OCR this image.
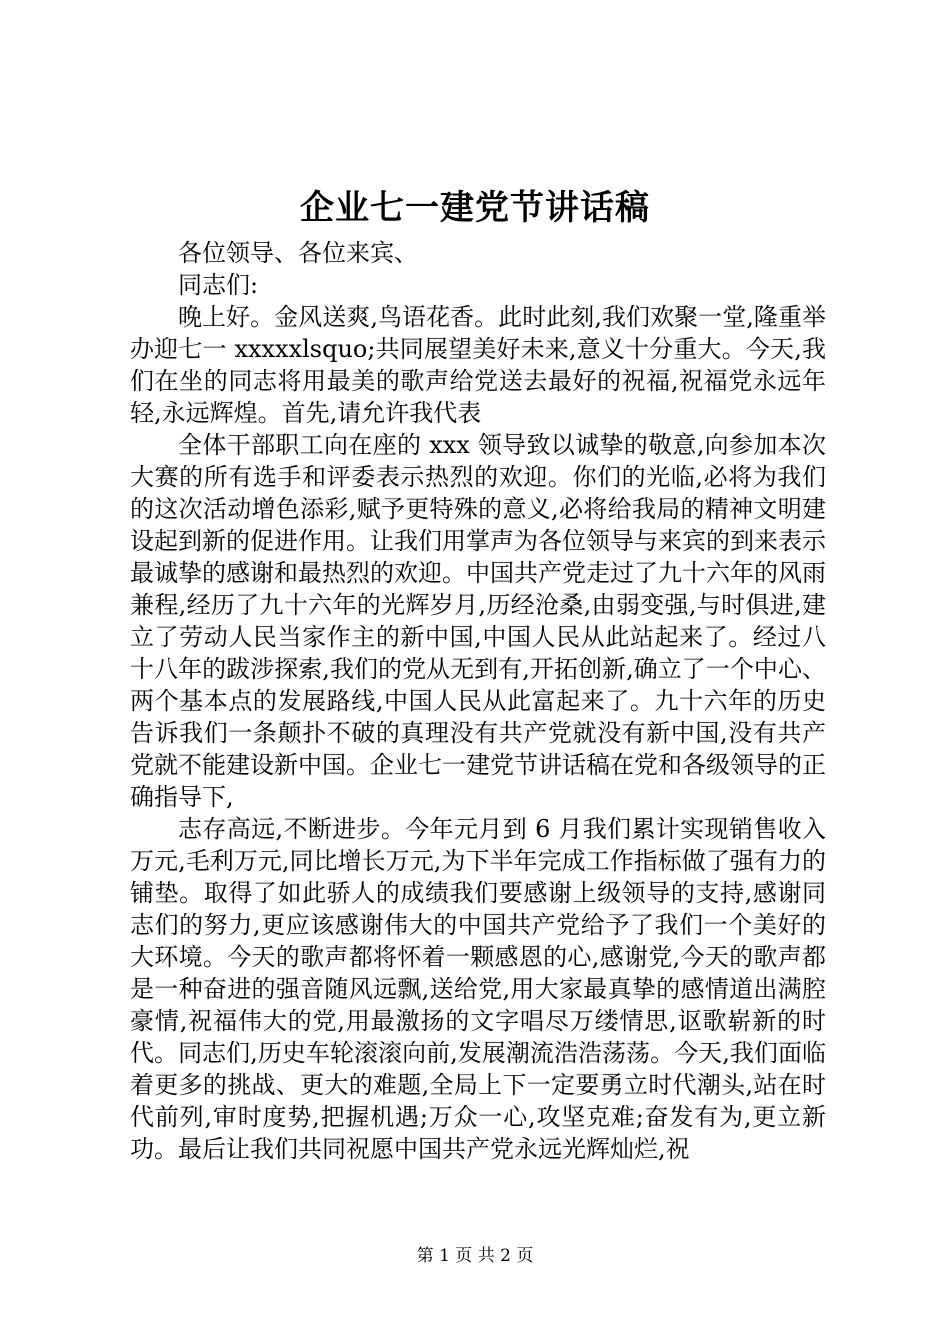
企业七一建党节讲话稿

各位领导、各位来宾、

同志们:

晚上好。金风送爽,鸟语花香。此时此刻,我们欢聚一堂,隆重举办迎七一 xxxxxlsquo;共同展望美好未来,意义十分重大。今天,我们在坐的同志将用最美的歌声给党送去最好的祝福,祝福党永远年轻,永远辉煌。首先,请允许我代表

全体干部职工向在座的 xxx 领导致以诚挚的敬意,向参加本次大赛的所有选手和评委表示热烈的欢迎。你们的光临,必将为我们的这次活动增色添彩,赋予更特殊的意义,必将给我局的精神文明建设起到新的促进作用。让我们用掌声为各位领导与来宾的到来表示最诚挚的感谢和最热烈的欢迎。中国共产党走过了九十六年的风雨兼程,经历了九十六年的光辉岁月,历经沧桑,由弱变强,与时俱进,建立了劳动人民当家作主的新中国,中国人民从此站起来了。经过八十八年的跋涉探索,我们的党从无到有,开拓创新,确立了一个中心、两个基本点的发展路线,中国人民从此富起来了。九十六年的历史告诉我们一条颠扑不破的真理没有共产党就没有新中国,没有共产党就不能建设新中国。企业七一建党节讲话稿在党和各级领导的正确指导下,

志存高远,不断进步。今年元月到 6 月我们累计实现销售收入万元,毛利万元,同比增长万元,为下半年完成工作指标做了强有力的铺垫。取得了如此骄人的成绩我们要感谢上级领导的支持,感谢同志们的努力,更应该感谢伟大的中国共产党给予了我们一个美好的大环境。今天的歌声都将怀着一颗感恩的心,感谢党,今天的歌声都是一种奋进的强音随风远飘,送给党,用大家最真挚的感情道出满腔豪情,祝福伟大的党,用最激扬的文字唱尽万缕情思,讴歌崭新的时代。同志们,历史车轮滚滚向前,发展潮流浩浩荡荡。今天,我们面临着更多的挑战、更大的难题,全局上下一定要勇立时代潮头,站在时代前列,审时度势,把握机遇;万众一心,攻坚克难;奋发有为,更立新功。最后让我们共同祝愿中国共产党永远光辉灿烂,祝

第 1 页 共 2 页
